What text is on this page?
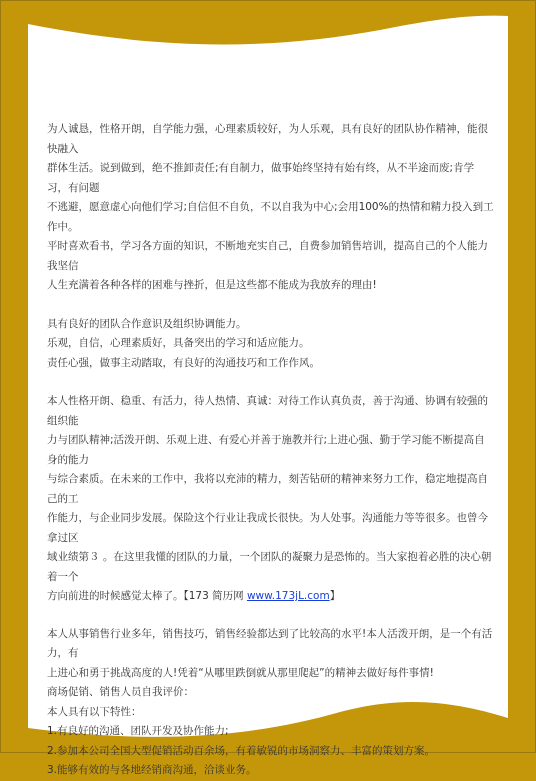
为人诚恳，性格开朗，自学能力强，心理素质较好，为人乐观，具有良好的团队协作精神，能很快融入

群体生活。说到做到，绝不推卸责任;有自制力，做事始终坚持有始有终，从不半途而废;肯学习，有问题

不逃避，愿意虚心向他们学习;自信但不自负，不以自我为中心;会用100%的热情和精力投入到工作中。

平时喜欢看书，学习各方面的知识，不断地充实自己，自费参加销售培训，提高自己的个人能力我坚信

人生充满着各种各样的困难与挫折，但是这些都不能成为我放弃的理由!

具有良好的团队合作意识及组织协调能力。

乐观，自信，心理素质好，具备突出的学习和适应能力。

责任心强，做事主动踏取，有良好的沟通技巧和工作作风。

本人性格开朗、稳重、有活力，待人热情、真诚：对待工作认真负责，善于沟通、协调有较强的组织能

力与团队精神;活泼开朗、乐观上进、有爱心并善于施教并行;上进心强、勤于学习能不断提高自身的能力

与综合素质。在未来的工作中，我将以充沛的精力，刻苦钻研的精神来努力工作，稳定地提高自己的工

作能力，与企业同步发展。保险这个行业让我成长很快。为人处事。沟通能力等等很多。也曾今拿过区

域业绩第３ 。在这里我懂的团队的力量，一个团队的凝聚力是恐怖的。当大家抱着必胜的决心朝着一个

方向前进的时候感觉太棒了。【173 简历网 www.173jL.com】

本人从事销售行业多年，销售技巧，销售经验都达到了比较高的水平!本人活泼开朗，是一个有活力，有

上进心和勇于挑战高度的人!凭着“从哪里跌倒就从那里爬起”的精神去做好每件事情!

商场促销、销售人员自我评价：

本人具有以下特性：

1.有良好的沟通、团队开发及协作能力;

2.参加本公司全国大型促销活动百余场，有着敏锐的市场洞察力、丰富的策划方案。

3.能够有效的与各地经销商沟通，洽谈业务。
